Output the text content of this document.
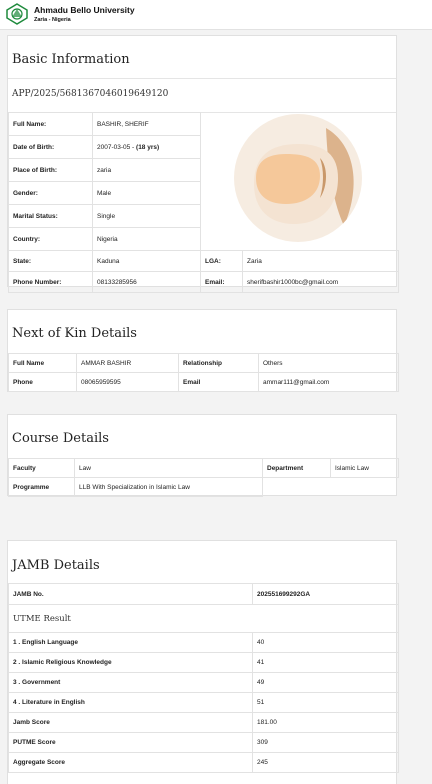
Ahmadu Bello University
Zaria - Nigeria
Basic Information
APP/2025/5681367046019649120
Full Name:	BASHIR, SHERIF		
Date of Birth:	2007-03-05 - (18 yrs)		
Place of Birth:	zaria		
Gender:	Male		
Marital Status:	Single		
Country:	Nigeria		
State:	Kaduna	LGA:	Zaria
Phone Number:	08133285956	Email:	sherifbashir1000bc@gmail.com
Next of Kin Details
Full Name	AMMAR BASHIR	Relationship	Others
Phone	08065959595	Email	ammar111@gmail.com
Course Details
Faculty	Law	Department	Islamic Law
Programme	LLB With Specialization in Islamic Law		
JAMB Details
JAMB No.	202551699292GA
UTME Result	
1 . English Language	40
2 . Islamic Religious Knowledge	41
3 . Government	49
4 . Literature in English	51
Jamb Score	181.00
PUTME Score	309
Aggregate Score	245
